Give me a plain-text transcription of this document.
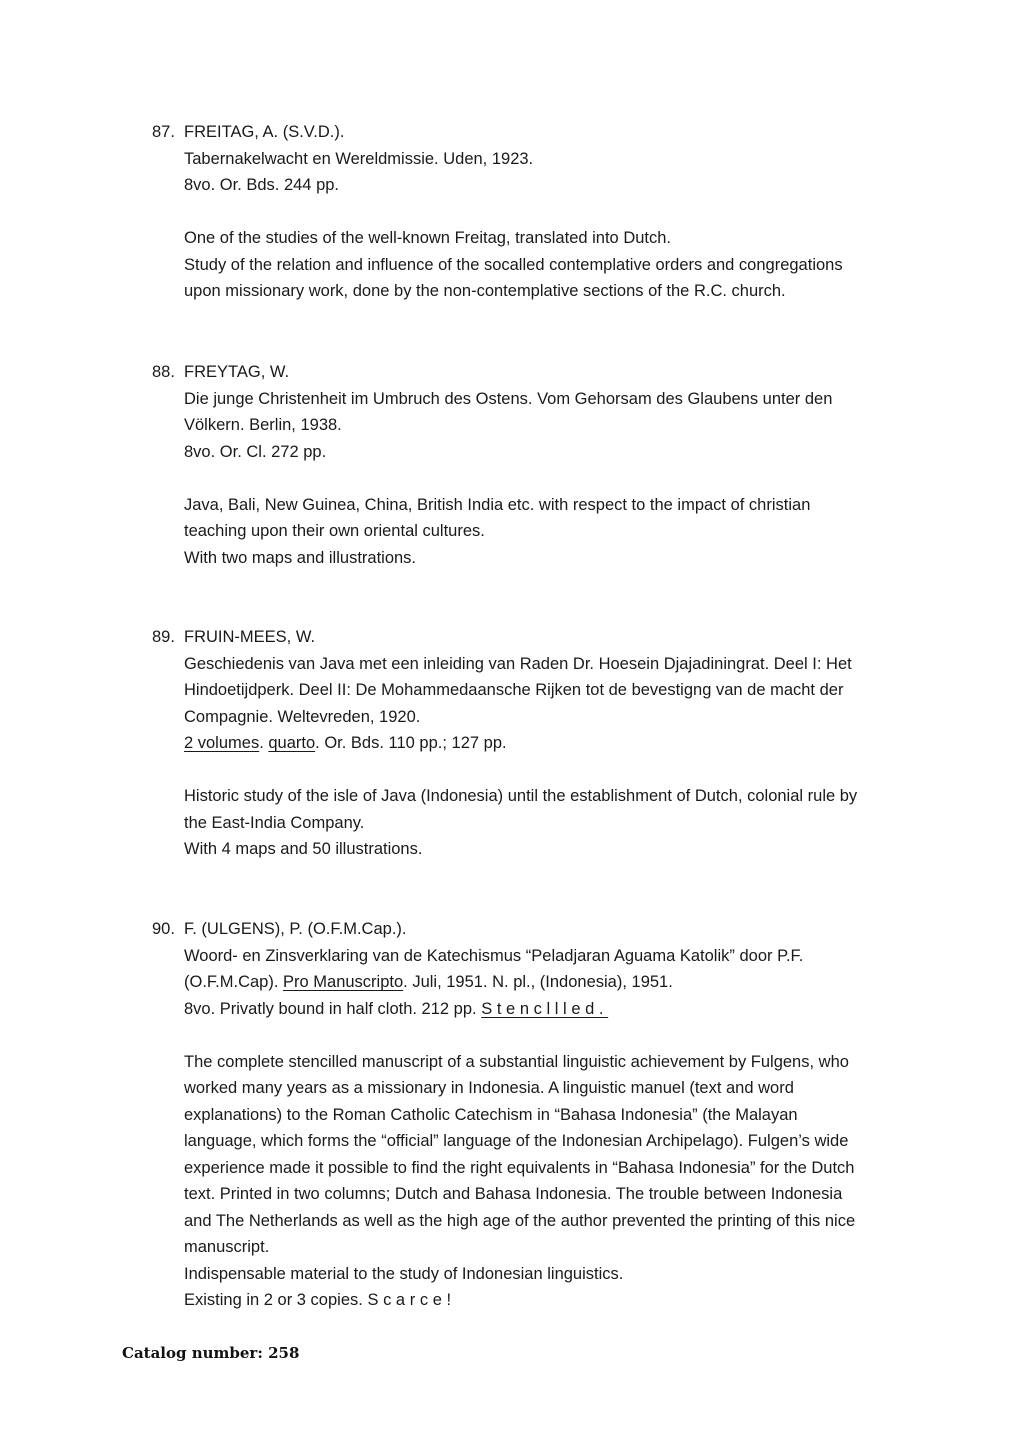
87. FREITAG, A. (S.V.D.).

Tabernakelwacht en Wereldmissie. Uden, 1923.

8vo. Or. Bds. 244 pp.

One of the studies of the well-known Freitag, translated into Dutch.

Study of the relation and influence of the socalled contemplative orders and congregations

upon missionary work, done by the non-contemplative sections of the R.C. church.

88. FREYTAG, W.

Die junge Christenheit im Umbruch des Ostens. Vom Gehorsam des Glaubens unter den

Völkern. Berlin, 1938.

8vo. Or. Cl. 272 pp.

Java, Bali, New Guinea, China, British India etc. with respect to the impact of christian

teaching upon their own oriental cultures.

With two maps and illustrations.

89. FRUIN-MEES, W.

Geschiedenis van Java met een inleiding van Raden Dr. Hoesein Djajadiningrat. Deel I: Het

Hindoetijdperk. Deel II: De Mohammedaansche Rijken tot de bevestigng van de macht der

Compagnie. Weltevreden, 1920.

2 volumes. quarto. Or. Bds. 110 pp.; 127 pp.

Historic study of the isle of Java (Indonesia) until the establishment of Dutch, colonial rule by

the East-India Company.

With 4 maps and 50 illustrations.

90. F. (ULGENS), P. (O.F.M.Cap.).

Woord- en Zinsverklaring van de Katechismus “Peladjaran Aguama Katolik” door P.F.

(O.F.M.Cap). Pro Manuscripto. Juli, 1951. N. pl., (Indonesia), 1951.

8vo. Privatly bound in half cloth. 212 pp. Stencllled.

The complete stencilled manuscript of a substantial linguistic achievement by Fulgens, who

worked many years as a missionary in Indonesia. A linguistic manuel (text and word

explanations) to the Roman Catholic Catechism in “Bahasa Indonesia” (the Malayan

language, which forms the “official” language of the Indonesian Archipelago). Fulgen’s wide

experience made it possible to find the right equivalents in “Bahasa Indonesia” for the Dutch

text. Printed in two columns; Dutch and Bahasa Indonesia. The trouble between Indonesia

and The Netherlands as well as the high age of the author prevented the printing of this nice

manuscript.

Indispensable material to the study of Indonesian linguistics.

Existing in 2 or 3 copies. Scarce!

Catalog number: 258
